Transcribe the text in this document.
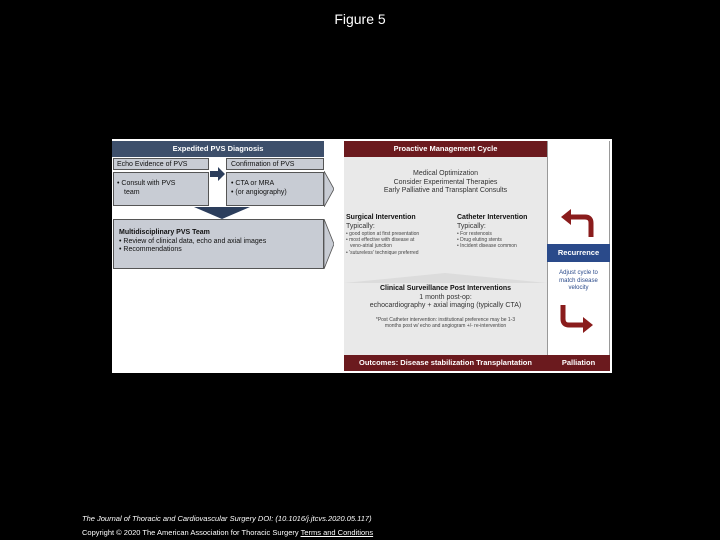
Figure 5
Expedited PVS Diagnosis
Echo Evidence of PVS	Confirmation of PVS
• Consult with PVS
team
• CTA or MRA
• (or angiography)
Multidisciplinary PVS Team
• Review of clinical data, echo and axial images
• Recommendations
Proactive Management Cycle
Medical Optimization
Consider Experimental Therapies
Early Palliative and Transplant Consults
Surgical Intervention
Typically:
• good option at first presentation
• most effective with disease at
veno-atrial junction
• 'sutureless' technique preferred
Catheter Intervention
Typically:
• For restenosis
• Drug eluting stents
• Incident disease common
Clinical Surveillance Post Interventions
1 month post-op:
echocardiography + axial imaging (typically CTA)
*Post Catheter intervention: institutional preference may be 1-3
months post w/ echo and angiogram +/- re-intervention
Outcomes: Disease stabilization Transplantation
Recurrence
Adjust cycle to
match disease
velocity
Palliation
The Journal of Thoracic and Cardiovascular Surgery DOI: (10.1016/j.jtcvs.2020.05.117)
Copyright © 2020 The American Association for Thoracic Surgery Terms and Conditions
